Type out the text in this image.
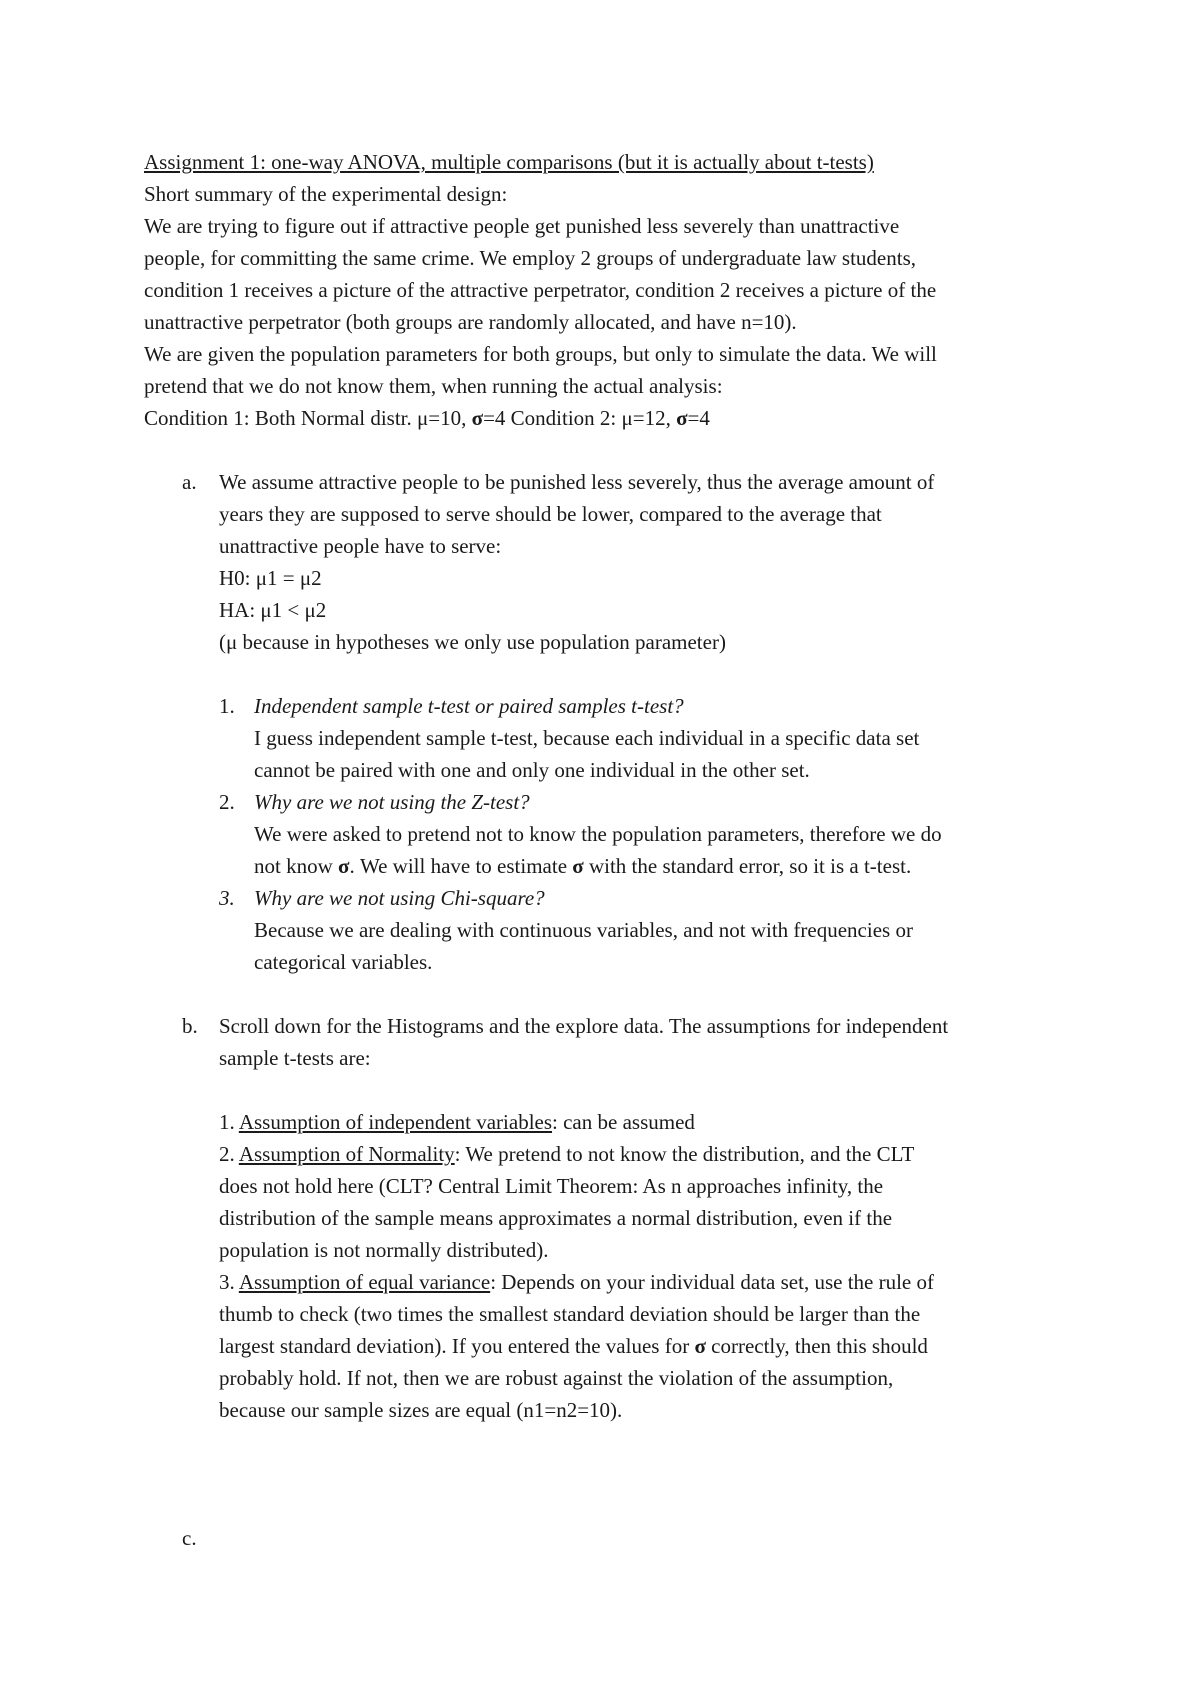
Assignment 1: one-way ANOVA, multiple comparisons (but it is actually about t-tests)
Short summary of the experimental design:
We are trying to figure out if attractive people get punished less severely than unattractive
people, for committing the same crime. We employ 2 groups of undergraduate law students,
condition 1 receives a picture of the attractive perpetrator, condition 2 receives a picture of the
unattractive perpetrator (both groups are randomly allocated, and have n=10).
We are given the population parameters for both groups, but only to simulate the data. We will
pretend that we do not know them, when running the actual analysis:
Condition 1: Both Normal distr. μ=10, σ=4 Condition 2: μ=12, σ=4
a. We assume attractive people to be punished less severely, thus the average amount of
years they are supposed to serve should be lower, compared to the average that
unattractive people have to serve:
H0: μ1 = μ2
HA: μ1 < μ2
(μ because in hypotheses we only use population parameter)
1. Independent sample t-test or paired samples t-test?
I guess independent sample t-test, because each individual in a specific data set
cannot be paired with one and only one individual in the other set.
2. Why are we not using the Z-test?
We were asked to pretend not to know the population parameters, therefore we do
not know σ. We will have to estimate σ with the standard error, so it is a t-test.
3. Why are we not using Chi-square?
Because we are dealing with continuous variables, and not with frequencies or
categorical variables.
b. Scroll down for the Histograms and the explore data. The assumptions for independent
sample t-tests are:
1. Assumption of independent variables: can be assumed
2. Assumption of Normality: We pretend to not know the distribution, and the CLT
does not hold here (CLT? Central Limit Theorem: As n approaches infinity, the
distribution of the sample means approximates a normal distribution, even if the
population is not normally distributed).
3. Assumption of equal variance: Depends on your individual data set, use the rule of
thumb to check (two times the smallest standard deviation should be larger than the
largest standard deviation). If you entered the values for σ correctly, then this should
probably hold. If not, then we are robust against the violation of the assumption,
because our sample sizes are equal (n1=n2=10).
c.
